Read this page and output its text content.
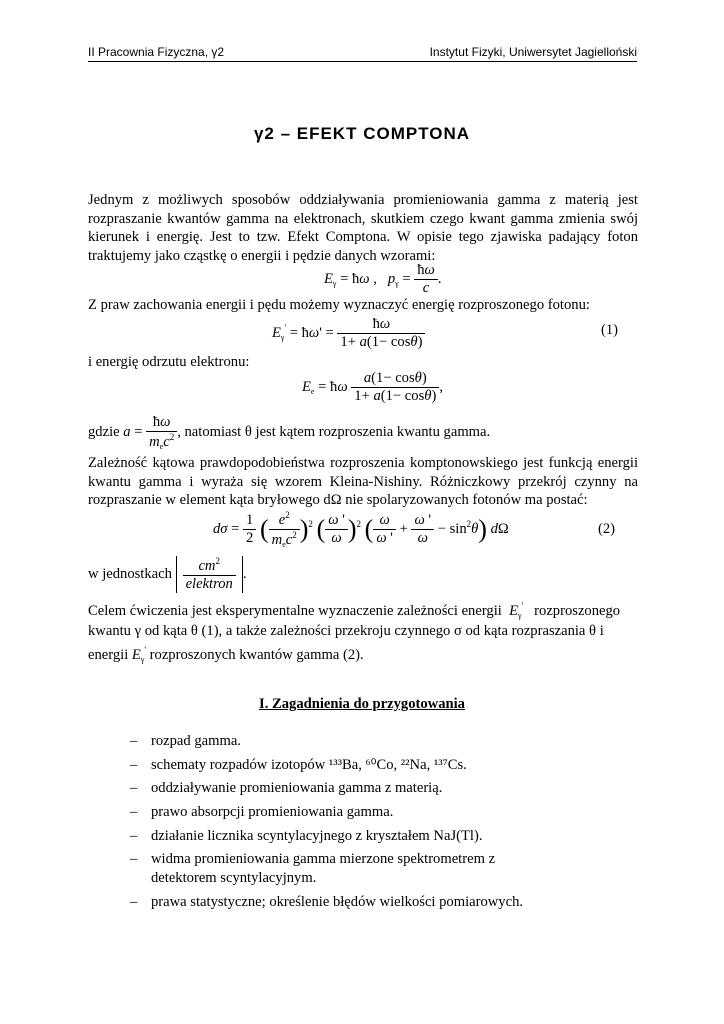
II Pracownia Fizyczna, γ2	Instytut Fizyki, Uniwersytet Jagielloński
γ2 – EFEKT COMPTONA
Jednym z możliwych sposobów oddziaływania promieniowania gamma z materią jest rozpraszanie kwantów gamma na elektronach, skutkiem czego kwant gamma zmienia swój kierunek i energię. Jest to tzw. Efekt Comptona. W opisie tego zjawiska padający foton traktujemy jako cząstkę o energii i pędzie danych wzorami:
$E_\gamma$ = ħω ,   $p_\gamma = \frac{ħ\omega}{c}$ .
Z praw zachowania energii i pędu możemy wyznaczyć energię rozproszonego fotonu:
$E_\gamma'$ = ħω' = $\frac{ħ\omega}{1+ a(1- \cos\theta)}$	(1)
i energię odrzutu elektronu:
$E_e$ = ħω $\frac{a(1- \cos\theta)}{1+ a(1- \cos\theta)}$ ,
gdzie $a = \frac{ħ\omega}{m_ec^2}$ , natomiast θ jest kątem rozproszenia kwantu gamma.
Zależność kątowa prawdopodobieństwa rozproszenia komptonowskiego jest funkcją energii kwantu gamma i wyraża się wzorem Kleina-Nishiny. Różniczkowy przekrój czynny na rozpraszanie w element kąta bryłowego dΩ nie spolaryzowanych fotonów ma postać:
$d\sigma = \frac{1}{2}$ ( $\frac{e^2}{m_ec^2} )^2$ ( $\frac{\omega '}{\omega} )^2$ ( $\frac{\omega}{\omega '} + \frac{\omega '}{\omega} - \sin^2\theta$) dΩ	(2)
w jednostkach $\frac{cm^2}{\text{elektron}}$ .
Celem ćwiczenia jest eksperymentalne wyznaczenie zależności energii $E_\gamma'$ rozproszonego
kwantu γ od kąta θ (1), a także zależności przekroju czynnego σ od kąta rozpraszania θ i
energii $E_\gamma'$ rozproszonych kwantów gamma (2).
I. Zagadnienia do przygotowania
– rozpad gamma.
– schematy rozpadów izotopów ¹³³Ba, ⁶⁰Co, ²²Na, ¹³⁷Cs.
– oddziaływanie promieniowania gamma z materią.
– prawo absorpcji promieniowania gamma.
– działanie licznika scyntylacyjnego z kryształem NaJ(Tl).
– widma promieniowania gamma mierzone spektrometrem z detektorem scyntylacyjnym.
– prawa statystyczne; określenie błędów wielkości pomiarowych.
